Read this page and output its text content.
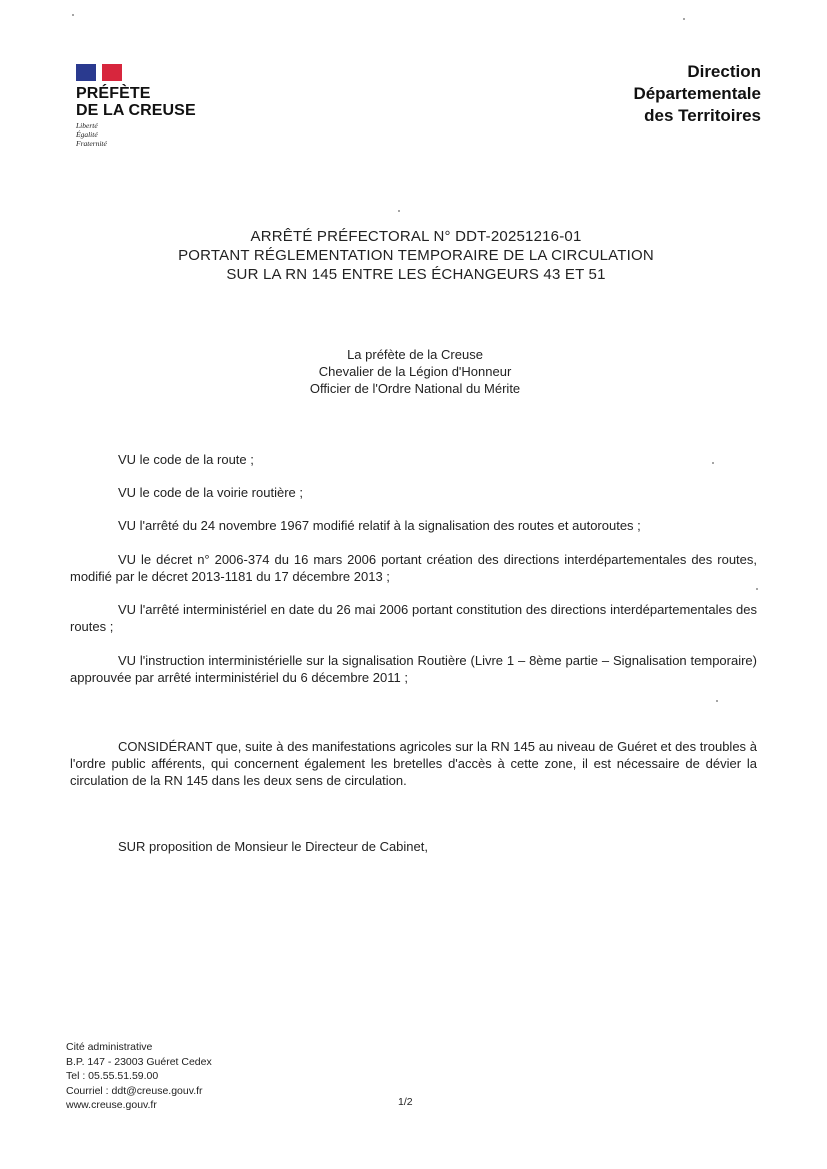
PRÉFÈTE
DE LA CREUSE
Liberté
Égalité
Fraternité
Direction
Départementale
des Territoires
ARRÊTÉ PRÉFECTORAL N° DDT-20251216-01
PORTANT RÉGLEMENTATION TEMPORAIRE DE LA CIRCULATION
SUR LA RN 145 ENTRE LES ÉCHANGEURS 43 ET 51
La préfète de la Creuse
Chevalier de la Légion d'Honneur
Officier de l'Ordre National du Mérite

VU le code de la route ;

VU le code de la voirie routière ;

VU l'arrêté du 24 novembre 1967 modifié relatif à la signalisation des routes et autoroutes ;

VU le décret n° 2006-374 du 16 mars 2006 portant création des directions interdépartementales des routes, modifié par le décret 2013-1181 du 17 décembre 2013 ;

VU l'arrêté interministériel en date du 26 mai 2006 portant constitution des directions interdépartementales des routes ;

VU l'instruction interministérielle sur la signalisation Routière (Livre 1 – 8ème partie – Signalisation temporaire) approuvée par arrêté interministériel du 6 décembre 2011 ;

CONSIDÉRANT que, suite à des manifestations agricoles sur la RN 145 au niveau de Guéret et des troubles à l'ordre public afférents, qui concernent également les bretelles d'accès à cette zone, il est nécessaire de dévier la circulation de la RN 145 dans les deux sens de circulation.

SUR proposition de Monsieur le Directeur de Cabinet,

Cité administrative
B.P. 147 - 23003 Guéret Cedex
Tel : 05.55.51.59.00
Courriel : ddt@creuse.gouv.fr
www.creuse.gouv.fr	1/2
